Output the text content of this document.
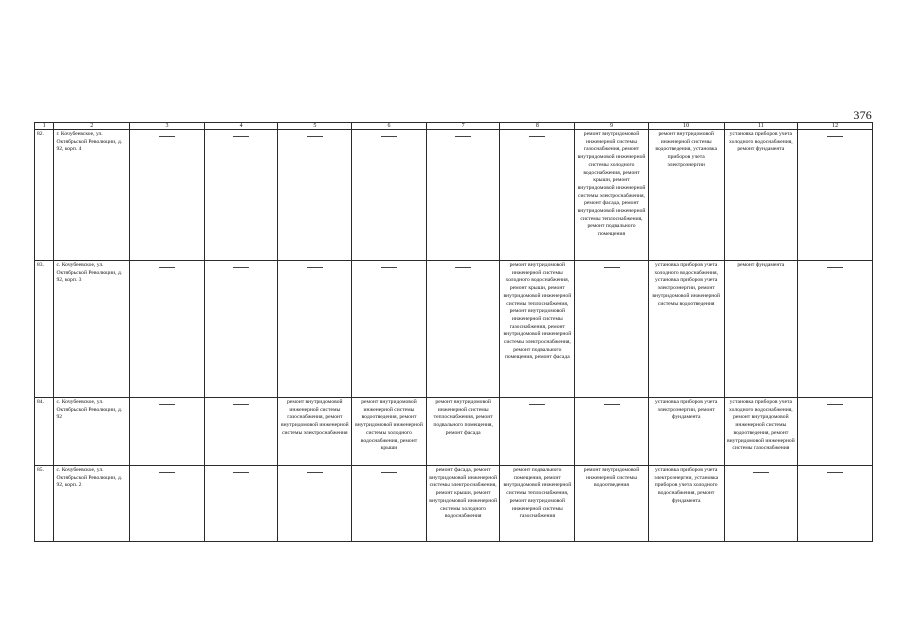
376
1	2	3	4	5	6	7	8	9	10	11	12
82.	г. Кочубеевское, ул. Октябрьской Революции, д. 92, корп. 4							ремонт внутридомовой инженерной системы газоснабжения, ремонт внутридомовой инженерной системы холодного водоснабжения, ремонт крыши, ремонт внутридомовой инженерной системы электроснабжения, ремонт фасада, ремонт внутридомовой инженерной системы теплоснабжения, ремонт подвального помещения	ремонт внутридомовой инженерной системы водоотведения, установка приборов учета электроэнергии	установка приборов учета холодного водоснабжения, ремонт фундамента	

83.	с. Кочубеевское, ул. Октябрьской Революции, д. 92, корп. 3						ремонт внутридомовой инженерной системы холодного водоснабжения, ремонт крыши, ремонт внутридомовой инженерной системы теплоснабжения, ремонт внутридомовой инженерной системы газоснабжения, ремонт внутридомовой инженерной системы электроснабжения, ремонт подвального помещения, ремонт фасада		установка приборов учета холодного водоснабжения, установка приборов учета электроэнергии, ремонт внутридомовой инженерной системы водоотведения	ремонт фундамента	

84.	с. Кочубеевское, ул. Октябрьской Революции, д. 92			ремонт внутридомовой инженерной системы газоснабжения, ремонт внутридомовой инженерной системы электроснабжения	ремонт внутридомовой инженерной системы водоотведения, ремонт внутридомовой инженерной системы холодного водоснабжения, ремонт крыши	ремонт внутридомовой инженерной системы теплоснабжения, ремонт подвального помещения, ремонт фасада			установка приборов учета электроэнергии, ремонт фундамента	установка приборов учета холодного водоснабжения, ремонт внутридомовой инженерной системы водоотведения, ремонт внутридомовой инженерной системы газоснабжения	

85.	с. Кочубеевское, ул. Октябрьской Революции, д. 92, корп. 2					ремонт фасада, ремонт внутридомовой инженерной системы электроснабжения, ремонт крыши, ремонт внутридомовой инженерной системы холодного водоснабжения	ремонт подвального помещения, ремонт внутридомовой инженерной системы теплоснабжения, ремонт внутридомовой инженерной системы газоснабжения	ремонт внутридомовой инженерной системы водоотведения	установка приборов учета электроэнергии, установка приборов учета холодного водоснабжения, ремонт фундамента	
